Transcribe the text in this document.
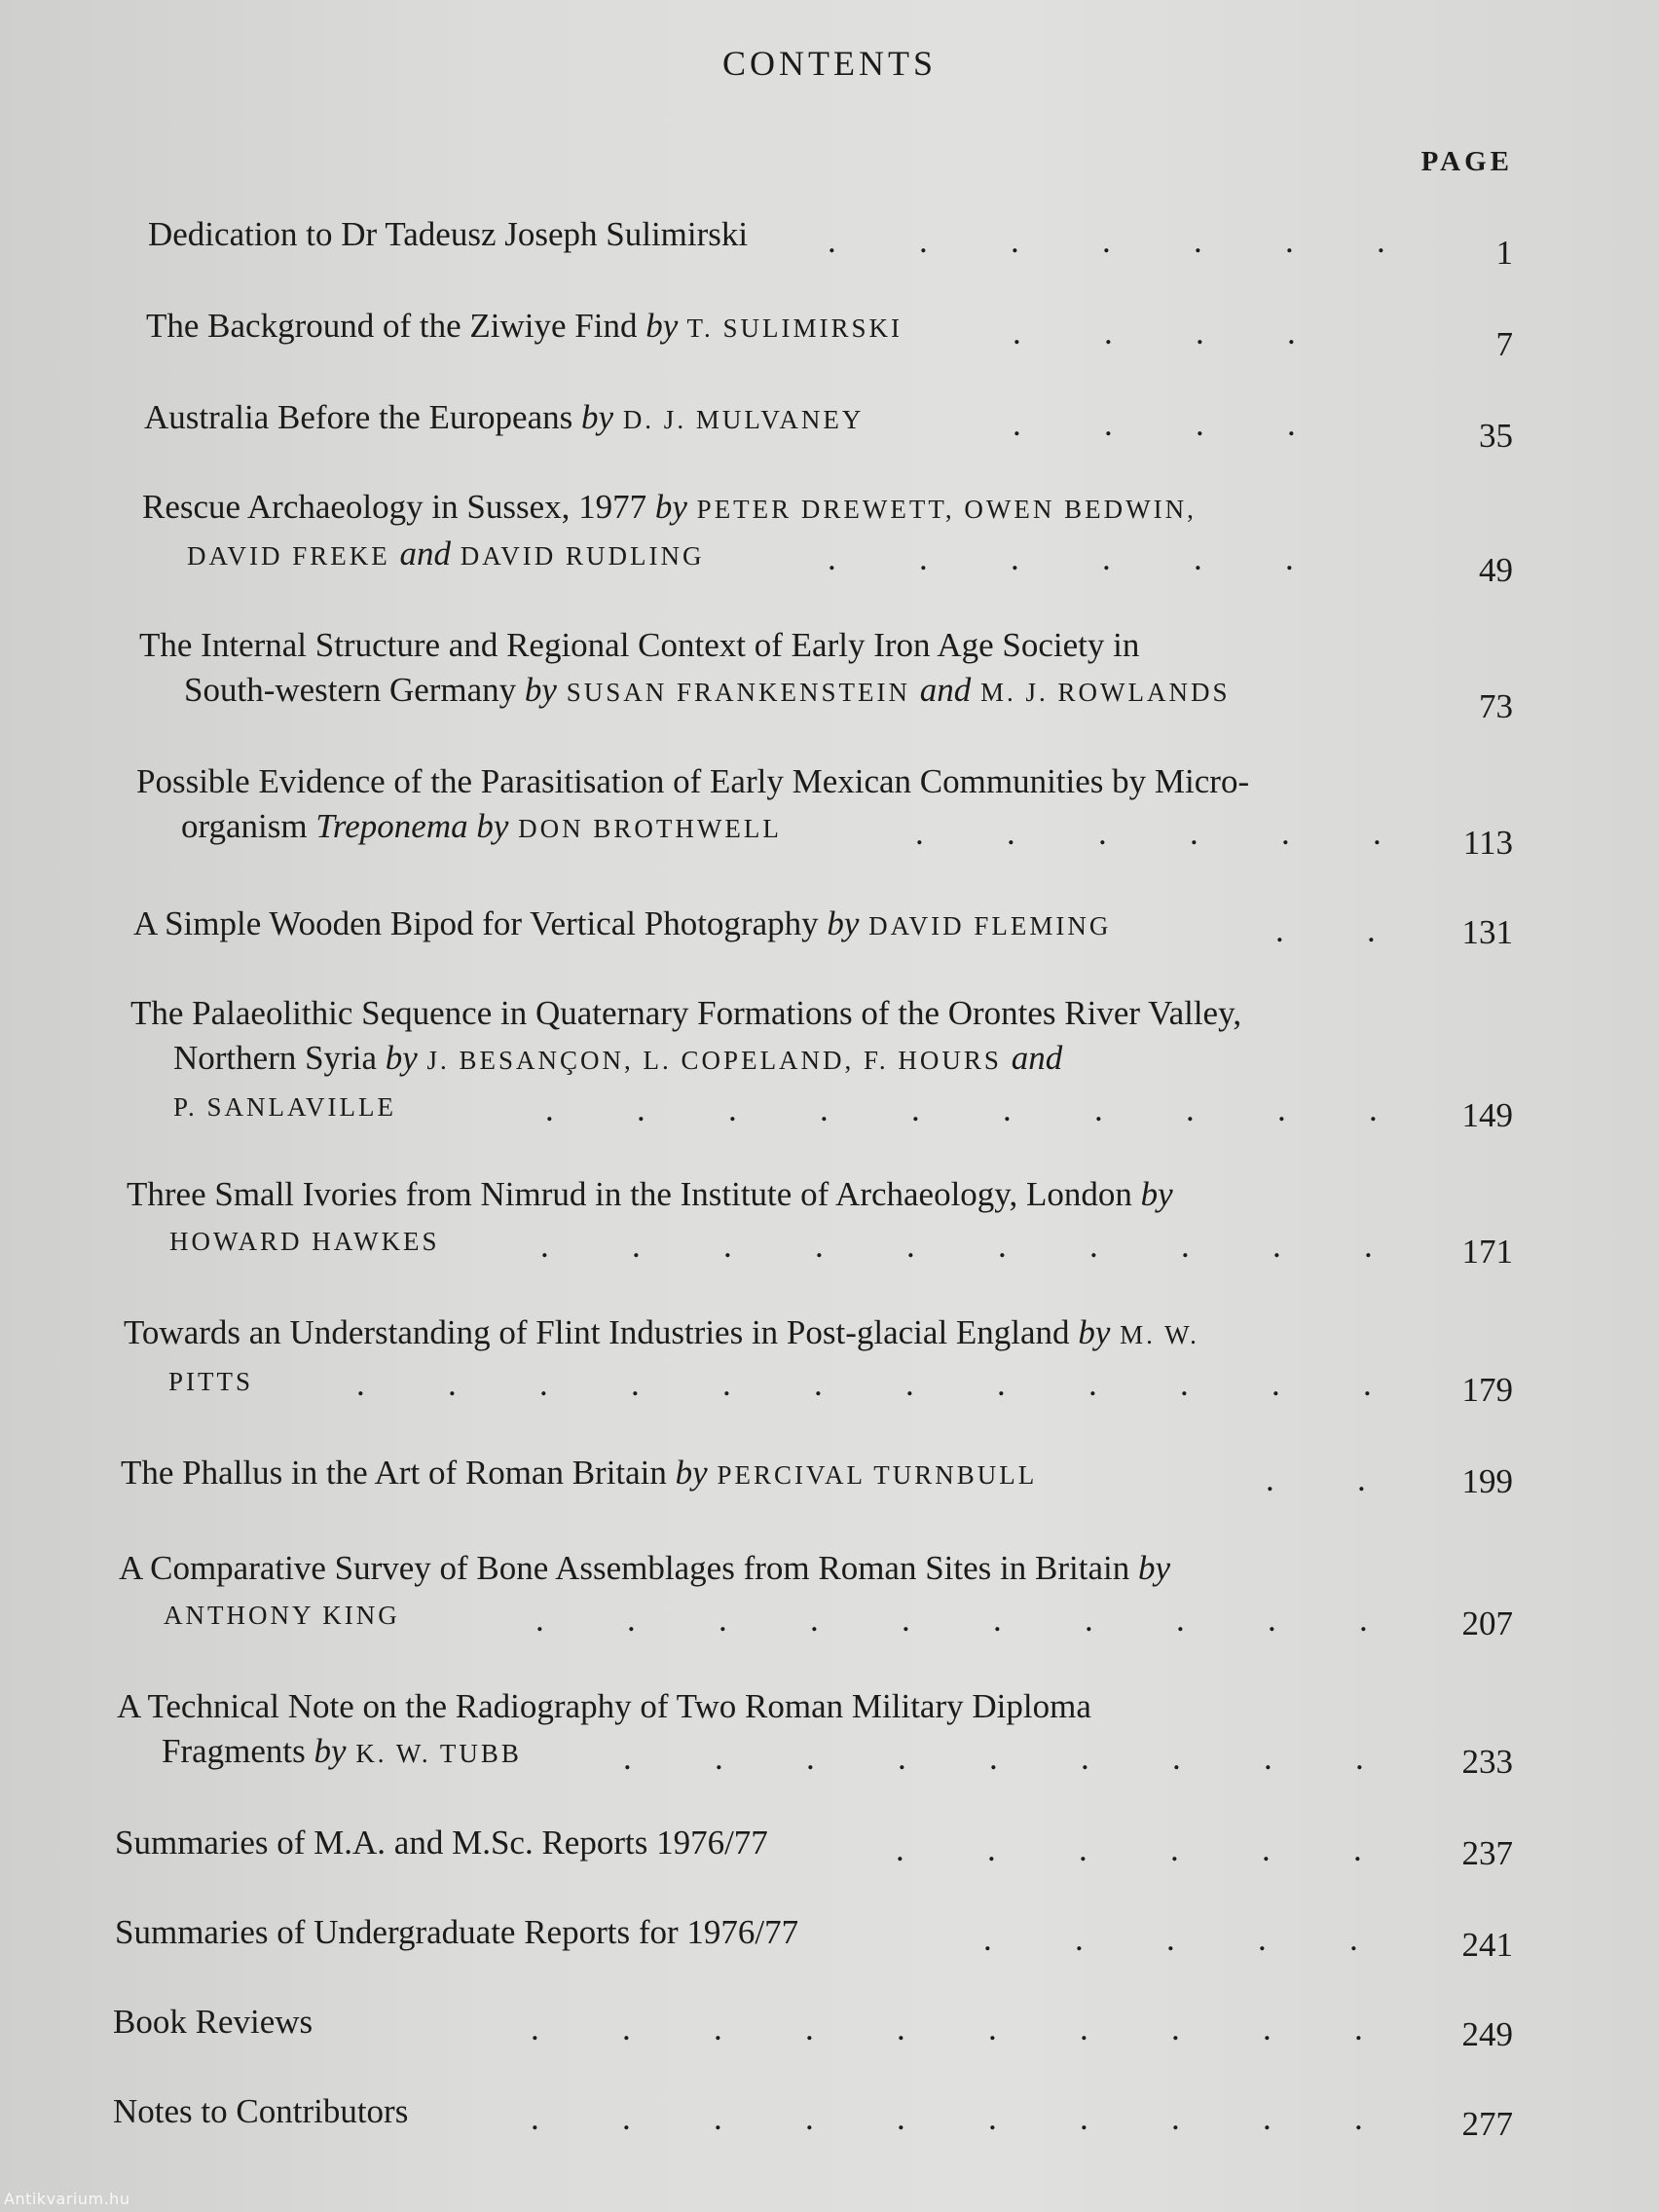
CONTENTS
PAGE
. . . . . . .
Dedication to Dr Tadeusz Joseph Sulimirski	1
. . . .
The Background of the Ziwiye Find by T. SULIMIRSKI	7
. . . .
Australia Before the Europeans by D. J. MULVANEY	35
. . . . . .
Rescue Archaeology in Sussex, 1977 by PETER DREWETT, OWEN BEDWIN,
DAVID FREKE and DAVID RUDLING	49
The Internal Structure and Regional Context of Early Iron Age Society in
South-western Germany by SUSAN FRANKENSTEIN and M. J. ROWLANDS	73
. . . . . .
Possible Evidence of the Parasitisation of Early Mexican Communities by Micro-
organism Treponema by DON BROTHWELL	113
. .
A Simple Wooden Bipod for Vertical Photography by DAVID FLEMING	131
. . . . . . . . . .
The Palaeolithic Sequence in Quaternary Formations of the Orontes River Valley,
Northern Syria by J. BESANÇON, L. COPELAND, F. HOURS and
P. SANLAVILLE	149
. . . . . . . . . .
Three Small Ivories from Nimrud in the Institute of Archaeology, London by
HOWARD HAWKES	171
. . . . . . . . . . . .
Towards an Understanding of Flint Industries in Post-glacial England by M. W.
PITTS	179
. .
The Phallus in the Art of Roman Britain by PERCIVAL TURNBULL	199
. . . . . . . . . .
A Comparative Survey of Bone Assemblages from Roman Sites in Britain by
ANTHONY KING	207
. . . . . . . . .
A Technical Note on the Radiography of Two Roman Military Diploma
Fragments by K. W. TUBB	233
. . . . . .
Summaries of M.A. and M.Sc. Reports 1976/77	237
. . . . .
Summaries of Undergraduate Reports for 1976/77	241
. . . . . . . . . .
Book Reviews	249
. . . . . . . . . .
Notes to Contributors	277
Antikvarium.hu
